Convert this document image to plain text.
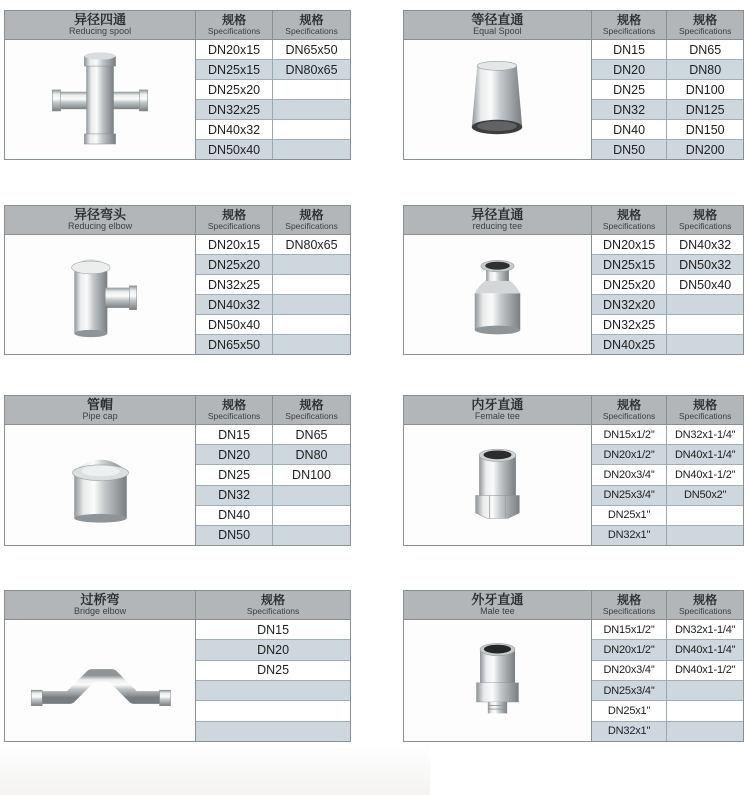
异径四通
Reducing spool
规格
Specifications
规格
Specifications
DN20x15
DN25x15
DN25x20
DN32x25
DN40x32
DN50x40
DN65x50
DN80x65
等径直通
Equal Spool
规格
Specifications
规格
Specifications
DN15
DN20
DN25
DN32
DN40
DN50
DN65
DN80
DN100
DN125
DN150
DN200
异径弯头
Reducing elbow
规格
Specifications
规格
Specifications
DN20x15
DN25x20
DN32x25
DN40x32
DN50x40
DN65x50
DN80x65
异径直通
reducing tee
规格
Specifications
规格
Specifications
DN20x15
DN25x15
DN25x20
DN32x20
DN32x25
DN40x25
DN40x32
DN50x32
DN50x40
管帽
Pipe cap
规格
Specifications
规格
Specifications
DN15
DN20
DN25
DN32
DN40
DN50
DN65
DN80
DN100
内牙直通
Female tee
规格
Specifications
规格
Specifications
DN15x1/2''
DN20x1/2''
DN20x3/4''
DN25x3/4''
DN25x1''
DN32x1''
DN32x1-1/4''
DN40x1-1/4''
DN40x1-1/2''
DN50x2''
过桥弯
Bridge elbow
规格
Specifications
DN15
DN20
DN25
外牙直通
Male tee
规格
Specifications
规格
Specifications
DN15x1/2''
DN20x1/2''
DN20x3/4''
DN25x3/4''
DN25x1''
DN32x1''
DN32x1-1/4''
DN40x1-1/4''
DN40x1-1/2''
